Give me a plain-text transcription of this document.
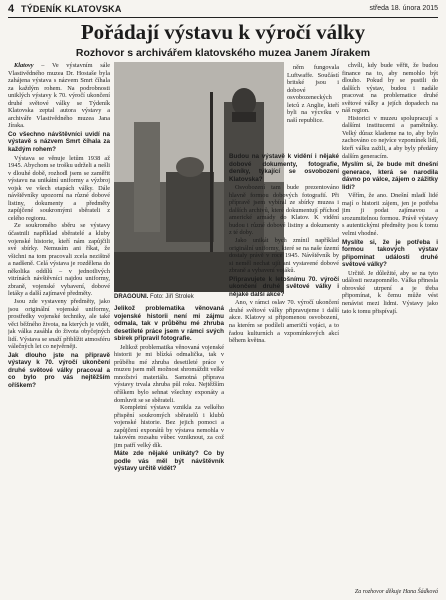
4 TÝDENÍK KLATOVSKA	středa 18. února 2015
Pořádají výstavu k výročí války
Rozhovor s archivářem klatovského muzea Janem Jírakem

Klatovy – Ve výstavním sále Vlastivědného muzea Dr. Hostaše byla zahájena výstava s názvem Smrt číhala za každým rohem. Na podrobnosti uniklých výstavy k 70. výročí ukončení druhé světové války se Týdeník Klatovska zeptal autora výstavy a archiváře Vlastivědného muzea Jana Jíraka.

Co všechno návštěvníci uvidí na výstavě s názvem Smrt číhala za každým rohem?

Výstava se věnuje letům 1938 až 1945. Abychom se trošku udrželi a nešli v dlouhé době, rozhodl jsem se zaměřit výstavu na unikátní uniformy a výzbroj vojsk ve všech etapách války. Dále návštěvníky upozorní na různé dobové listiny, dokumenty a předměty zapůjčené soukromými sběrateli z celého regionu.

Ze soukromého sběru se výstavy účastnili například sběratelé a kluby vojenské historie, kteří nám zapůjčili své sbírky. Nemusím ani říkat, že všichni na tom pracovali zcela nezištně a nadšeně. Celá výstava je rozdělena do několika oddílů – v jednotlivých vitrínách návštěvníci najdou uniformy, zbraně, vojenské vybavení, dobové letáky a další zajímavé předměty.

Jsou zde vystaveny předměty, jako jsou originální vojenské uniformy, prostředky vojenské techniky, ale také věci běžného života, na kterých je vidět, jak válka zasáhla do života obyčejných lidí. Výstava se snaží přiblížit atmosféru válečných let co nejvěrněji.

Jak dlouho jste na přípravě výstavy k 70. výročí ukončení druhé světové války pracoval a co bylo pro vás nejtěžším oříškem?

DRAGOUNI. Foto: Jiří Strolek

Jelikož problematika věnovaná vojenské historii není mi zájmu odmala, tak v průběhu mé zhruba desetileté práce jsem v rámci svých sbírek připravil fotografie.

Jelikož problematika věnovaná vojenské historii je mi blízká odmalička, tak v průběhu mé zhruba desetileté práce v muzeu jsem měl možnost shromáždit velké množství materiálu. Samotná příprava výstavy trvala zhruba půl roku. Nejtěžším oříškem bylo sehnat všechny exponáty a domluvit se se sběrateli.

Kompletní výstava vznikla za velkého přispění soukromých sběratelů i klubů vojenské historie. Bez jejich pomoci a zapůjčení exponátů by výstava nemohla v takovém rozsahu vůbec vzniknout, za což jim patří velký dík.

Máte zde nějaké unikáty? Co by podle vás měl být návštěvník výstavy určitě vidět?

něm fungovala Luftwaffe. Součástí britské jsou i dobové osvobozeneckých letců z Anglie, kteří byli na výcviku v naší republice.

Budou na výstavě k vidění i nějaké dobové dokumenty, fotografie, deníky, týkající se osvobození Klatovska?

Osvobození tam bude prezentováno hlavně formou dobových fotografií. Při přípravě jsem vybíral ze sbírky muzea i dalších archivů, které dokumentují příchod americké armády do Klatov. K vidění budou i různé dobové listiny a dokumenty z té doby.

Jako unikát bych zmínil například originální uniformy, které se na naše území dostaly právě v roce 1945. Návštěvník by si neměl nechat ujít ani vystavené dobové zbraně a vybavení vojáků.

Připravujete k letošnímu 70. výročí ukončení druhé světové války i nějaké další akce?

Ano, v rámci oslav 70. výročí ukončení druhé světové války připravujeme i další akce. Klatovy si připomenou osvobození, na kterém se podíleli američtí vojáci, a to řadou kulturních a vzpomínkových akcí během května.

chvíli, kdy bude věřit, že budou finance na to, aby nemohlo být dlouho. Pokud by se pustili do dalších výstav, budou i nadále pracovat na problematice druhé světové války a jejích dopadech na náš region.

Historici v muzeu spolupracují s dalšími institucemi a pamětníky. Velký důraz klademe na to, aby bylo zachováno co nejvíce vzpomínek lidí, kteří válku zažili, a aby byly předány dalším generacím.

Myslím si, že bude mít dnešní generace, která se narodila dávno po válce, zájem o zážitky lidí?

Věřím, že ano. Dnešní mladí lidé mají o historii zájem, jen je potřeba jim ji podat zajímavou a srozumitelnou formou. Právě výstavy s autentickými předměty jsou k tomu velmi vhodné.

Myslíte si, že je potřeba i formou takových výstav připomínat události druhé světové války?

Určitě. Je důležité, aby se na tyto události nezapomnělo. Válka přinesla obrovské utrpení a je třeba připomínat, k čemu může vést nenávist mezi lidmi. Výstavy jako tato k tomu přispívají.

Za rozhovor děkuje Hana Šádková
